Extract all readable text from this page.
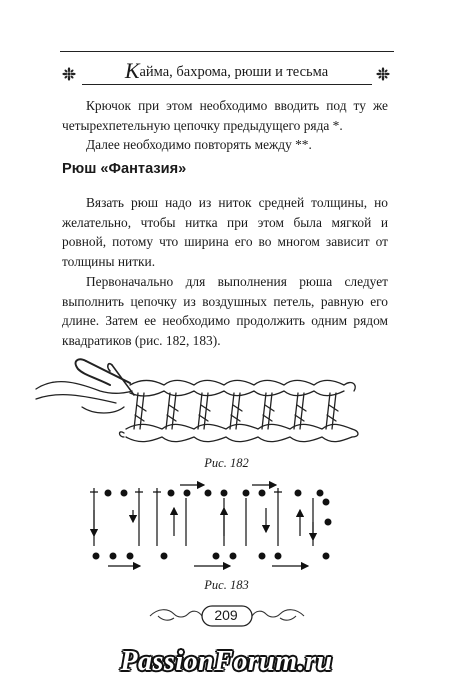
Кайма, бахрома, рюши и тесьма

Крючок при этом необходимо вводить под ту же четырехпетельную цепочку предыдущего ряда *.

Далее необходимо повторять между **.

Рюш «Фантазия»

Вязать рюш надо из ниток средней толщины, но желательно, чтобы нитка при этом была мягкой и ровной, потому что ширина его во многом зависит от толщины нитки.

Первоначально для выполнения рюша следует выполнить цепочку из воздушных петель, равную его длине. Затем ее необходимо продолжить одним рядом квадратиков (рис. 182, 183).

Рис. 182
Рис. 183
209
PassionForum.ru
